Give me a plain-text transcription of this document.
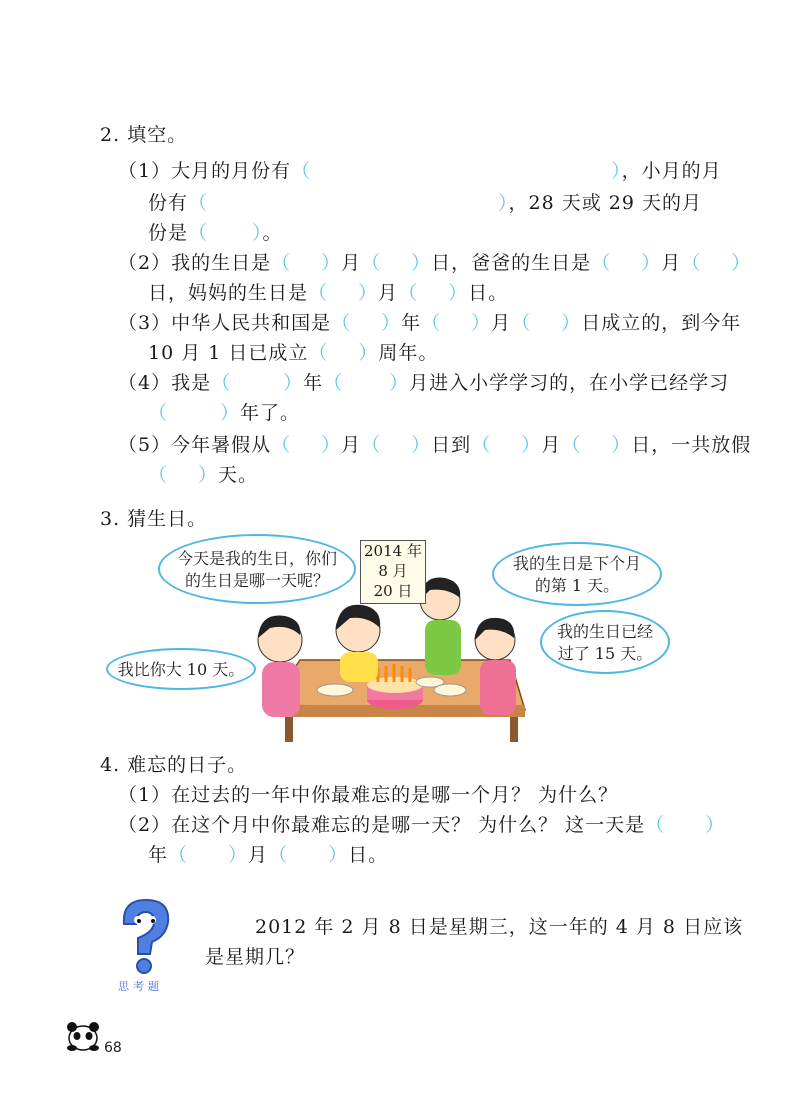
2. 填空。
（1）大月的月份有（	），小月的月
份有（	），28 天或 29 天的月
份是（ ）。
（2）我的生日是（ ）月（ ）日，爸爸的生日是（ ）月（ ）
日，妈妈的生日是（ ）月（ ）日。
（3）中华人民共和国是（ ）年（ ）月（ ）日成立的，到今年
10 月 1 日已成立（ ）周年。
（4）我是（	）年（ ）月进入小学学习的，在小学已经学习
（	）年了。
（5）今年暑假从（ ）月（ ）日到（ ）月（ ）日，一共放假
（ ）天。
3. 猜生日。
2014 年
8 月
20 日
今天是我的生日，你们
的生日是哪一天呢？
我的生日是下个月
的第 1 天。
我的生日已经
过了 15 天。
我比你大 10 天。
4. 难忘的日子。
（1）在过去的一年中你最难忘的是哪一个月？ 为什么？
（2）在这个月中你最难忘的是哪一天？ 为什么？ 这一天是（ ）
年（ ）月（ ）日。
思考题
2012 年 2 月 8 日是星期三，这一年的 4 月 8 日应该
是星期几？
68
